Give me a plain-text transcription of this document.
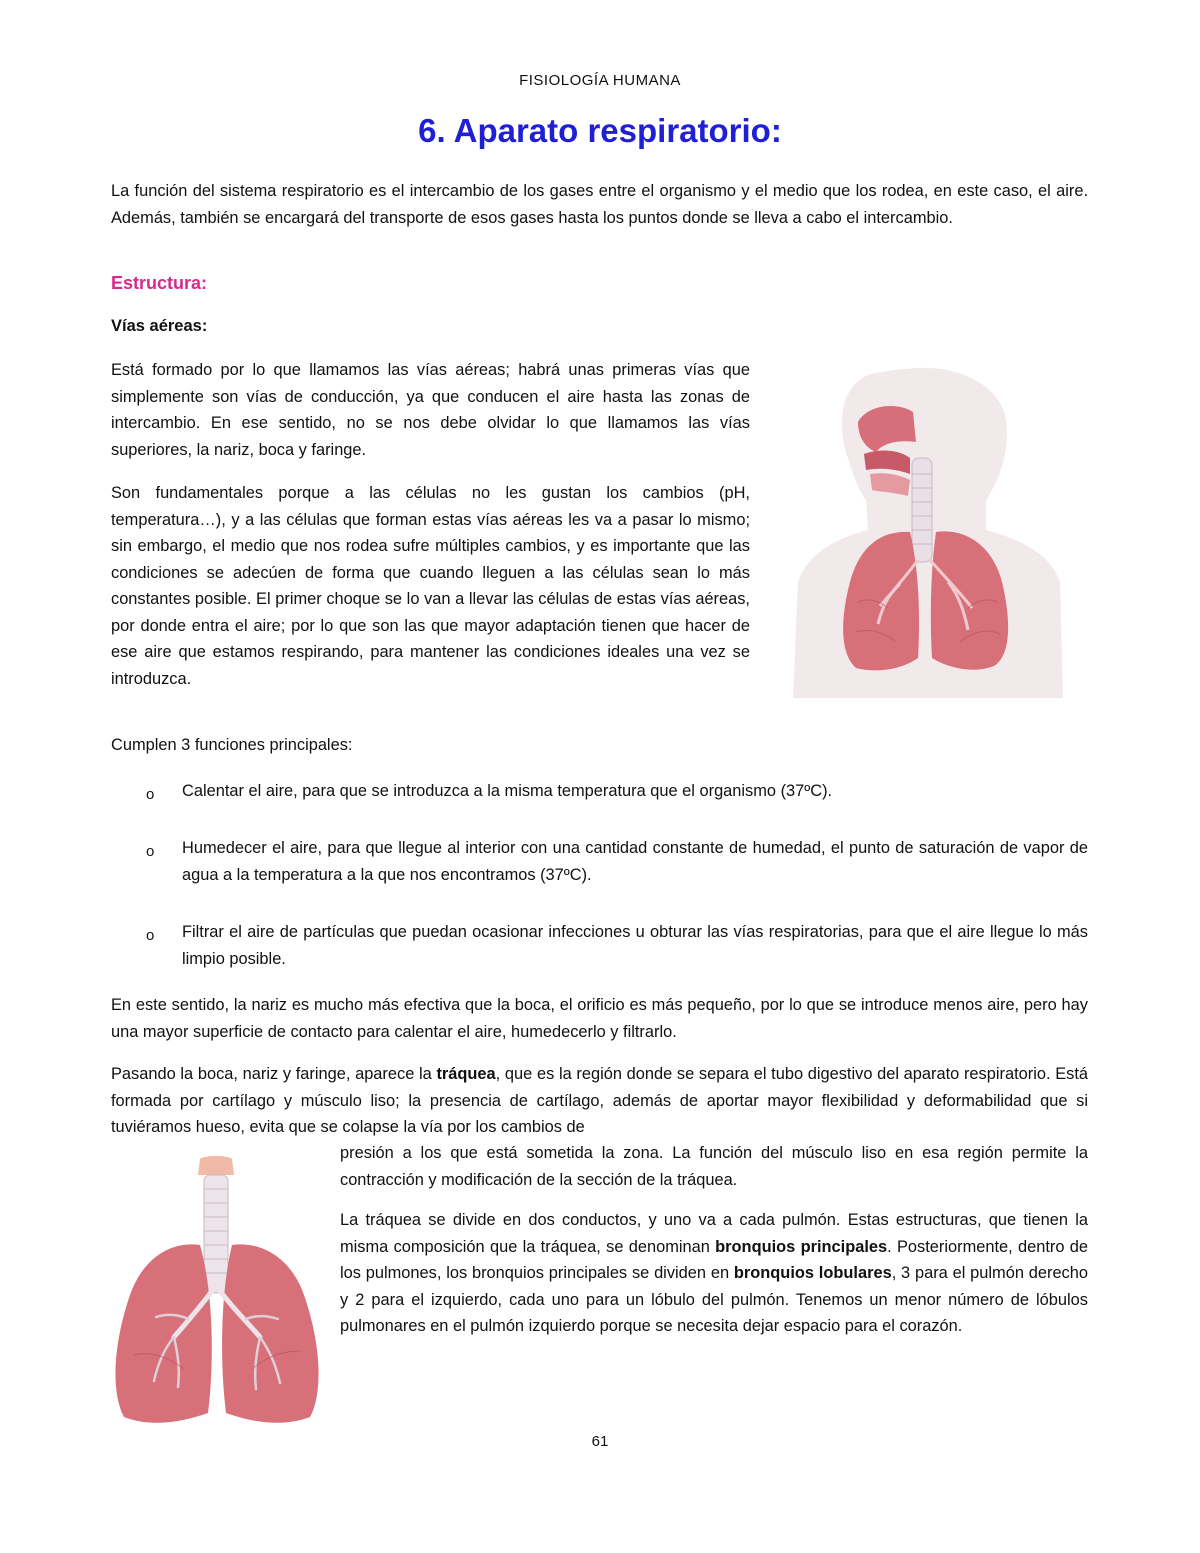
FISIOLOGÍA HUMANA
6. Aparato respiratorio:

La función del sistema respiratorio es el intercambio de los gases entre el organismo y el medio que los rodea, en este caso, el aire. Además, también se encargará del transporte de esos gases hasta los puntos donde se lleva a cabo el intercambio.

Estructura:
Vías aéreas:

Está formado por lo que llamamos las vías aéreas; habrá unas primeras vías que simplemente son vías de conducción, ya que conducen el aire hasta las zonas de intercambio. En ese sentido, no se nos debe olvidar lo que llamamos las vías superiores, la nariz, boca y faringe.

Son fundamentales porque a las células no les gustan los cambios (pH, temperatura…), y a las células que forman estas vías aéreas les va a pasar lo mismo; sin embargo, el medio que nos rodea sufre múltiples cambios, y es importante que las condiciones se adecúen de forma que cuando lleguen a las células sean lo más constantes posible. El primer choque se lo van a llevar las células de estas vías aéreas, por donde entra el aire; por lo que son las que mayor adaptación tienen que hacer de ese aire que estamos respirando, para mantener las condiciones ideales una vez se introduzca.

Cumplen 3 funciones principales:
o Calentar el aire, para que se introduzca a la misma temperatura que el organismo (37ºC).

o Humedecer el aire, para que llegue al interior con una cantidad constante de humedad, el punto de saturación de vapor de agua a la temperatura a la que nos encontramos (37ºC).

o Filtrar el aire de partículas que puedan ocasionar infecciones u obturar las vías respiratorias, para que el aire llegue lo más limpio posible.

En este sentido, la nariz es mucho más efectiva que la boca, el orificio es más pequeño, por lo que se introduce menos aire, pero hay una mayor superficie de contacto para calentar el aire, humedecerlo y filtrarlo.

Pasando la boca, nariz y faringe, aparece la tráquea, que es la región donde se separa el tubo digestivo del aparato respiratorio. Está formada por cartílago y músculo liso; la presencia de cartílago, además de aportar mayor flexibilidad y deformabilidad que si tuviéramos hueso, evita que se colapse la vía por los cambios de

presión a los que está sometida la zona. La función del músculo liso en esa región permite la contracción y modificación de la sección de la tráquea.

La tráquea se divide en dos conductos, y uno va a cada pulmón. Estas estructuras, que tienen la misma composición que la tráquea, se denominan bronquios principales. Posteriormente, dentro de los pulmones, los bronquios principales se dividen en bronquios lobulares, 3 para el pulmón derecho y 2 para el izquierdo, cada uno para un lóbulo del pulmón. Tenemos un menor número de lóbulos pulmonares en el pulmón izquierdo porque se necesita dejar espacio para el corazón.

61
